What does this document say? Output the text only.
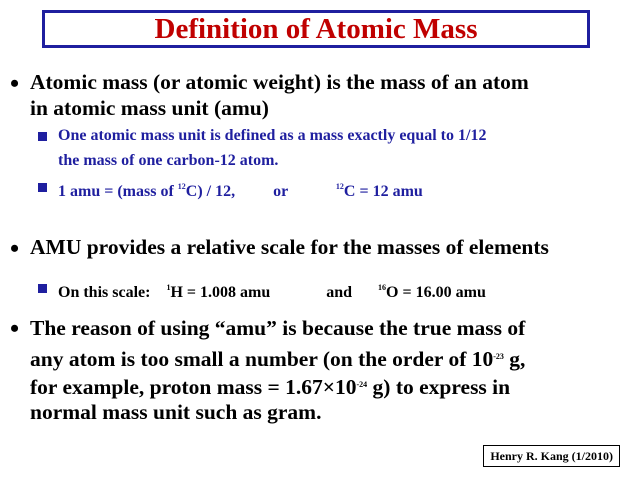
Definition of Atomic Mass
• Atomic mass (or atomic weight) is the mass of an atom
in atomic mass unit (amu)
One atomic mass unit is defined as a mass exactly equal to 1/12
the mass of one carbon-12 atom.
1 amu = (mass of $^{12}$C) / 12, or	$^{12}$C = 12 amu
• AMU provides a relative scale for the masses of elements
On this scale: $^1$H = 1.008 amu	and	$^{16}$O = 16.00 amu
• The reason of using “amu” is because the true mass of
any atom is too small a number (on the order of $10^{-23}$ g,
for example, proton mass = $1.67\times 10^{-24}$ g) to express in
normal mass unit such as gram.
Henry R. Kang (1/2010)
